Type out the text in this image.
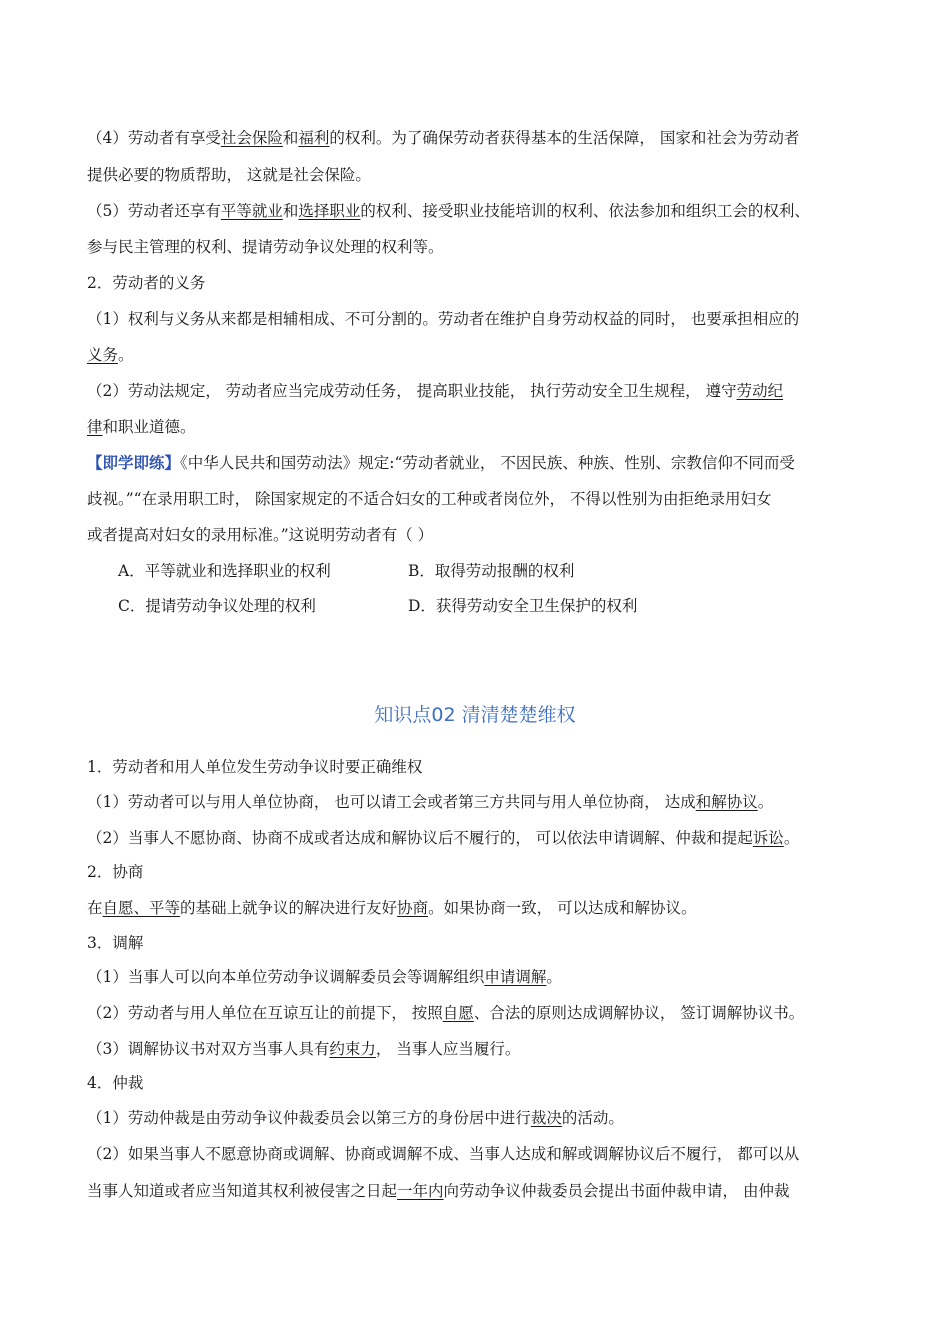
（4）劳动者有享受社会保险和福利的权利。为了确保劳动者获得基本的生活保障， 国家和社会为劳动者
提供必要的物质帮助， 这就是社会保险。
（5）劳动者还享有平等就业和选择职业的权利、接受职业技能培训的权利、依法参加和组织工会的权利、
参与民主管理的权利、提请劳动争议处理的权利等。
2．劳动者的义务
（1）权利与义务从来都是相辅相成、不可分割的。劳动者在维护自身劳动权益的同时， 也要承担相应的
义务。
（2）劳动法规定， 劳动者应当完成劳动任务， 提高职业技能， 执行劳动安全卫生规程， 遵守劳动纪
律和职业道德。
【即学即练】《中华人民共和国劳动法》规定:“劳动者就业， 不因民族、种族、性别、宗教信仰不同而受
歧视。”“在录用职工时， 除国家规定的不适合妇女的工种或者岗位外， 不得以性别为由拒绝录用妇女
或者提高对妇女的录用标准。”这说明劳动者有（ ）
A．平等就业和选择职业的权利	B．取得劳动报酬的权利
C．提请劳动争议处理的权利	D．获得劳动安全卫生保护的权利
知识点02 清清楚楚维权
1．劳动者和用人单位发生劳动争议时要正确维权
（1）劳动者可以与用人单位协商， 也可以请工会或者第三方共同与用人单位协商， 达成和解协议。
（2）当事人不愿协商、协商不成或者达成和解协议后不履行的， 可以依法申请调解、仲裁和提起诉讼。
2．协商
在自愿、平等的基础上就争议的解决进行友好协商。如果协商一致， 可以达成和解协议。
3．调解
（1）当事人可以向本单位劳动争议调解委员会等调解组织申请调解。
（2）劳动者与用人单位在互谅互让的前提下， 按照自愿、合法的原则达成调解协议， 签订调解协议书。
（3）调解协议书对双方当事人具有约束力， 当事人应当履行。
4．仲裁
（1）劳动仲裁是由劳动争议仲裁委员会以第三方的身份居中进行裁决的活动。
（2）如果当事人不愿意协商或调解、协商或调解不成、当事人达成和解或调解协议后不履行， 都可以从
当事人知道或者应当知道其权利被侵害之日起一年内向劳动争议仲裁委员会提出书面仲裁申请， 由仲裁
